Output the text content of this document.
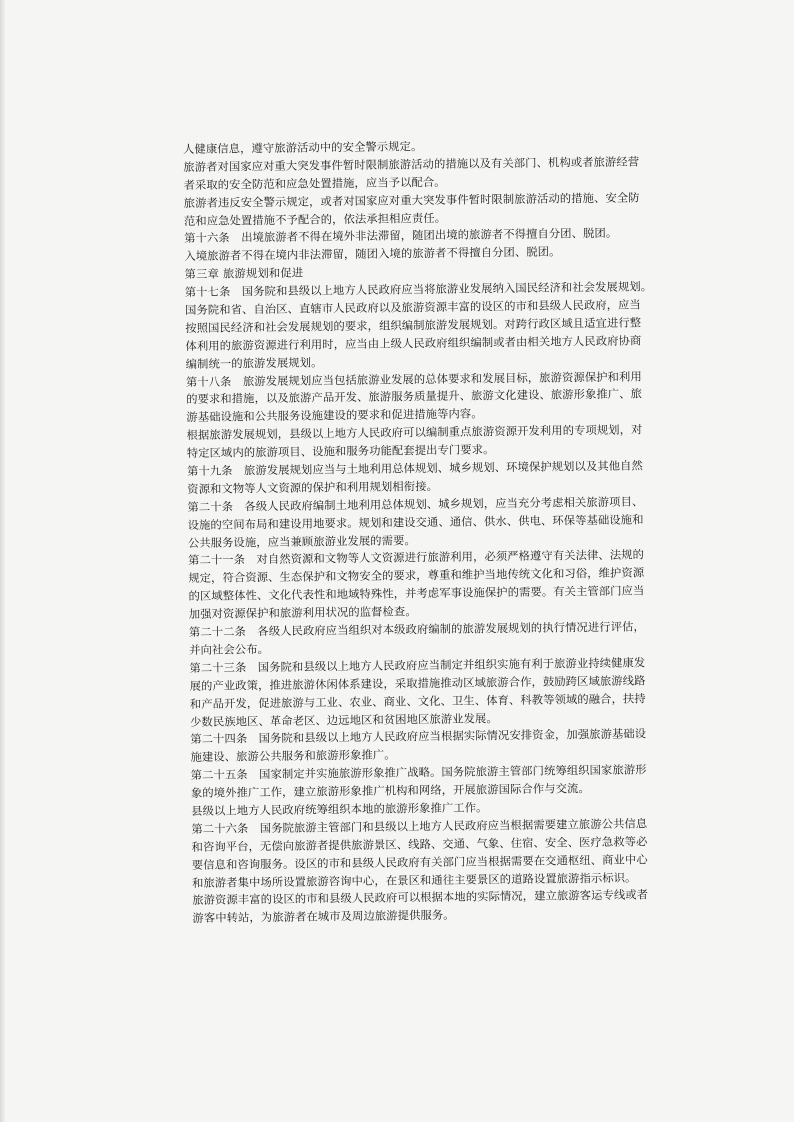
人健康信息，遵守旅游活动中的安全警示规定。
旅游者对国家应对重大突发事件暂时限制旅游活动的措施以及有关部门、机构或者旅游经营
者采取的安全防范和应急处置措施，应当予以配合。
旅游者违反安全警示规定，或者对国家应对重大突发事件暂时限制旅游活动的措施、安全防
范和应急处置措施不予配合的，依法承担相应责任。
第十六条　出境旅游者不得在境外非法滞留，随团出境的旅游者不得擅自分团、脱团。
入境旅游者不得在境内非法滞留，随团入境的旅游者不得擅自分团、脱团。
第三章 旅游规划和促进
第十七条　国务院和县级以上地方人民政府应当将旅游业发展纳入国民经济和社会发展规划。
国务院和省、自治区、直辖市人民政府以及旅游资源丰富的设区的市和县级人民政府，应当
按照国民经济和社会发展规划的要求，组织编制旅游发展规划。对跨行政区域且适宜进行整
体利用的旅游资源进行利用时，应当由上级人民政府组织编制或者由相关地方人民政府协商
编制统一的旅游发展规划。
第十八条　旅游发展规划应当包括旅游业发展的总体要求和发展目标，旅游资源保护和利用
的要求和措施，以及旅游产品开发、旅游服务质量提升、旅游文化建设、旅游形象推广、旅
游基础设施和公共服务设施建设的要求和促进措施等内容。
根据旅游发展规划，县级以上地方人民政府可以编制重点旅游资源开发利用的专项规划，对
特定区域内的旅游项目、设施和服务功能配套提出专门要求。
第十九条　旅游发展规划应当与土地利用总体规划、城乡规划、环境保护规划以及其他自然
资源和文物等人文资源的保护和利用规划相衔接。
第二十条　各级人民政府编制土地利用总体规划、城乡规划，应当充分考虑相关旅游项目、
设施的空间布局和建设用地要求。规划和建设交通、通信、供水、供电、环保等基础设施和
公共服务设施，应当兼顾旅游业发展的需要。
第二十一条　对自然资源和文物等人文资源进行旅游利用，必须严格遵守有关法律、法规的
规定，符合资源、生态保护和文物安全的要求，尊重和维护当地传统文化和习俗，维护资源
的区域整体性、文化代表性和地域特殊性，并考虑军事设施保护的需要。有关主管部门应当
加强对资源保护和旅游利用状况的监督检查。
第二十二条　各级人民政府应当组织对本级政府编制的旅游发展规划的执行情况进行评估，
并向社会公布。
第二十三条　国务院和县级以上地方人民政府应当制定并组织实施有利于旅游业持续健康发
展的产业政策，推进旅游休闲体系建设，采取措施推动区域旅游合作，鼓励跨区域旅游线路
和产品开发，促进旅游与工业、农业、商业、文化、卫生、体育、科教等领域的融合，扶持
少数民族地区、革命老区、边远地区和贫困地区旅游业发展。
第二十四条　国务院和县级以上地方人民政府应当根据实际情况安排资金，加强旅游基础设
施建设、旅游公共服务和旅游形象推广。
第二十五条　国家制定并实施旅游形象推广战略。国务院旅游主管部门统筹组织国家旅游形
象的境外推广工作，建立旅游形象推广机构和网络，开展旅游国际合作与交流。
县级以上地方人民政府统筹组织本地的旅游形象推广工作。
第二十六条　国务院旅游主管部门和县级以上地方人民政府应当根据需要建立旅游公共信息
和咨询平台，无偿向旅游者提供旅游景区、线路、交通、气象、住宿、安全、医疗急救等必
要信息和咨询服务。设区的市和县级人民政府有关部门应当根据需要在交通枢纽、商业中心
和旅游者集中场所设置旅游咨询中心，在景区和通往主要景区的道路设置旅游指示标识。
旅游资源丰富的设区的市和县级人民政府可以根据本地的实际情况，建立旅游客运专线或者
游客中转站，为旅游者在城市及周边旅游提供服务。
